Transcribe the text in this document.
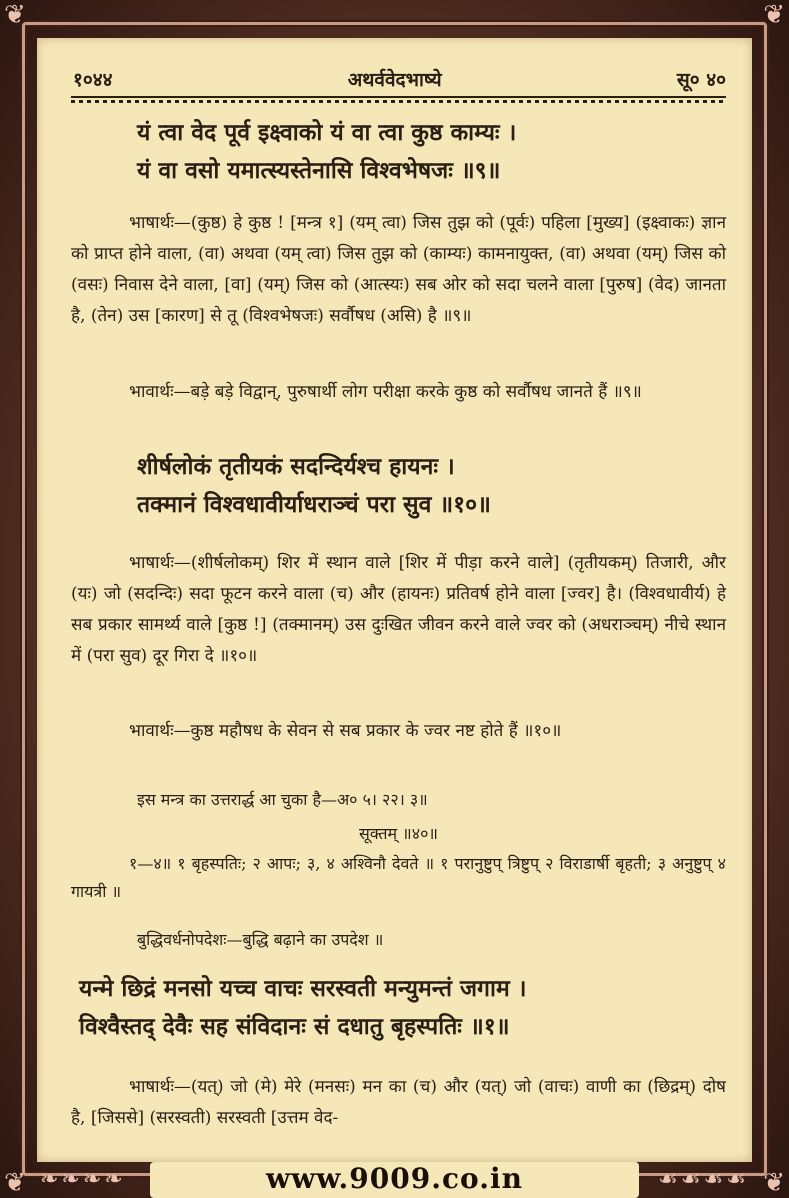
❦	❦
❦	❦
१०४४	अथर्ववेदभाष्ये	सू० ४०
यं त्वा वेद पूर्व इक्ष्वाको यं वा त्वा कुष्ठ काम्यः ।
यं वा वसो यमात्स्यस्तेनासि विश्वभेषजः ॥९॥
भाषार्थः—(कुष्ठ) हे कुष्ठ ! [मन्त्र १] (यम् त्वा) जिस तुझ को (पूर्वः) पहिला [मुख्य] (इक्ष्वाकः) ज्ञान को प्राप्त होने वाला, (वा) अथवा (यम् त्वा) जिस तुझ को (काम्यः) कामनायुक्त, (वा) अथवा (यम्) जिस को (वसः) निवास देने वाला, [वा] (यम्) जिस को (आत्स्यः) सब ओर को सदा चलने वाला [पुरुष] (वेद) जानता है, (तेन) उस [कारण] से तू (विश्वभेषजः) सर्वौषध (असि) है ॥९॥
भावार्थः—बड़े बड़े विद्वान्, पुरुषार्थी लोग परीक्षा करके कुष्ठ को सर्वौषध जानते हैं ॥९॥
शीर्षलोकं तृतीयकं सदन्दिर्यश्च हायनः ।
तक्मानं विश्वधावीर्याधराञ्चं परा सुव ॥१०॥
भाषार्थः—(शीर्षलोकम्) शिर में स्थान वाले [शिर में पीड़ा करने वाले] (तृतीयकम्) तिजारी, और (यः) जो (सदन्दिः) सदा फूटन करने वाला (च) और (हायनः) प्रतिवर्ष होने वाला [ज्वर] है। (विश्वधावीर्य) हे सब प्रकार सामर्थ्य वाले [कुष्ठ !] (तक्मानम्) उस दुःखित जीवन करने वाले ज्वर को (अधराञ्चम्) नीचे स्थान में (परा सुव) दूर गिरा दे ॥१०॥
भावार्थः—कुष्ठ महौषध के सेवन से सब प्रकार के ज्वर नष्ट होते हैं ॥१०॥
इस मन्त्र का उत्तरार्द्ध आ चुका है—अ० ५। २२। ३॥
सूक्तम् ॥४०॥
१—४॥ १ बृहस्पतिः; २ आपः; ३, ४ अश्विनौ देवते ॥ १ परानुष्टुप् त्रिष्टुप् २ विराडार्षी बृहती; ३ अनुष्टुप् ४ गायत्री ॥
बुद्धिवर्धनोपदेशः—बुद्धि बढ़ाने का उपदेश ॥
यन्मे छिद्रं मनसो यच्च वाचः सरस्वती मन्युमन्तं जगाम ।
विश्वैस्तद् देवैः सह संविदानः सं दधातु बृहस्पतिः ॥१॥
भाषार्थः—(यत्) जो (मे) मेरे (मनसः) मन का (च) और (यत्) जो (वाचः) वाणी का (छिद्रम्) दोष है, [जिससे] (सरस्वती) सरस्वती [उत्तम वेद-
❧❧❧❧	☙☙☙☙
www.9009.co.in
